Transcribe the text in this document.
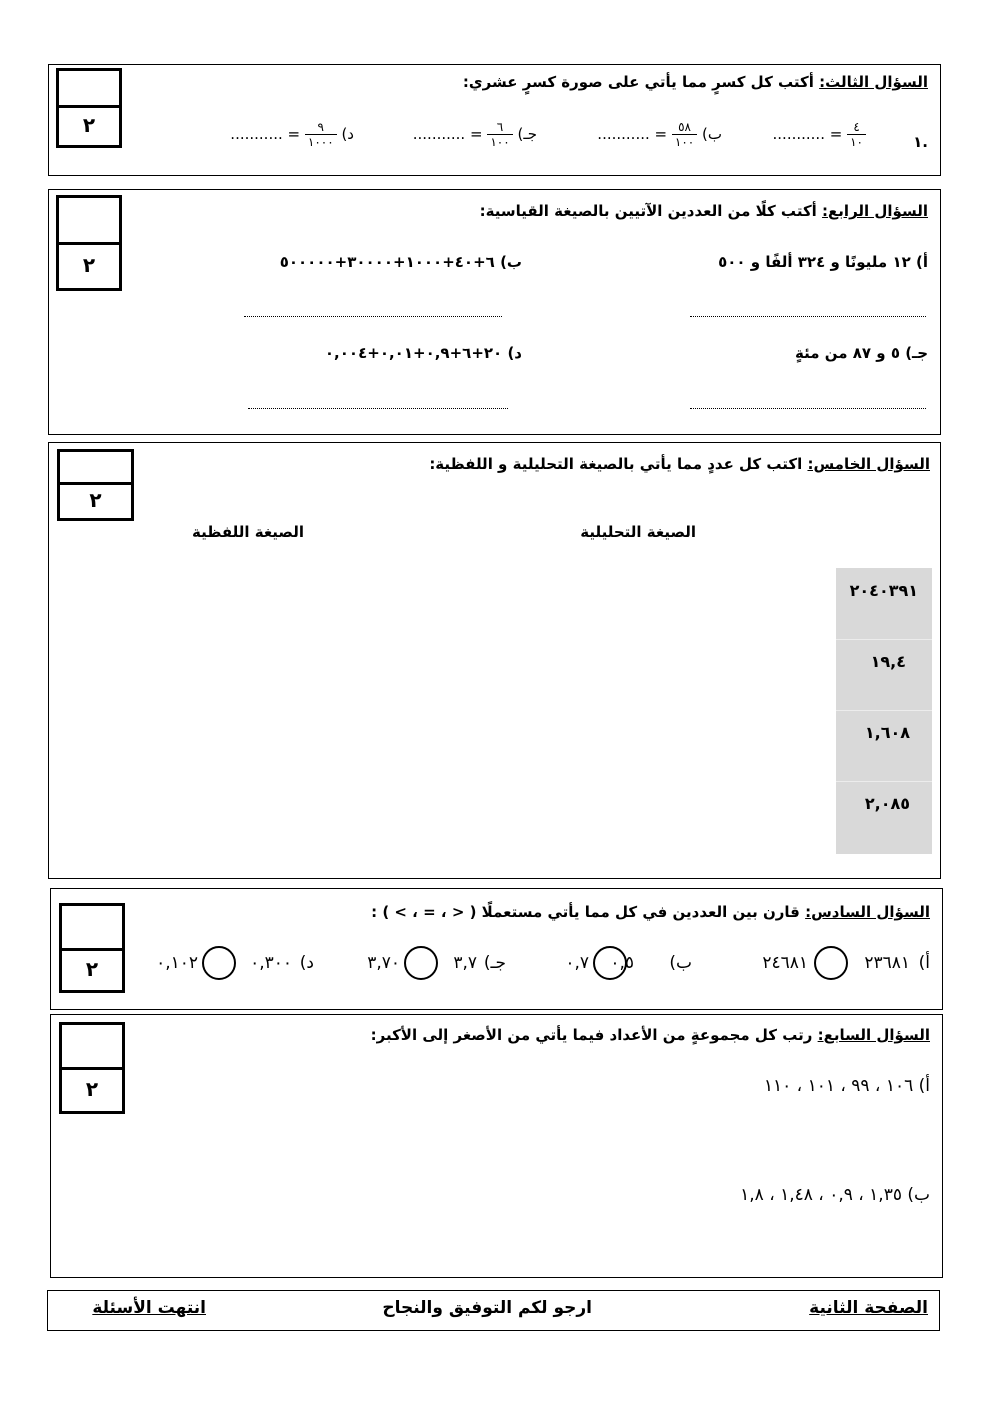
٢
السؤال الثالث: أكتب كل كسرٍ مما يأتي على صورة كسرٍ عشري:
.١
$\frac{٤}{١٠}$
= ...........
ب)
$\frac{٥٨}{١٠٠}$
= ...........
جـ)
$\frac{٦}{١٠٠}$
= ...........
د)
$\frac{٩}{١٠٠٠}$
= ...........
٢
السؤال الرابع: أكتب كلًا من العددين الآتيين بالصيغة القياسية:
أ) ١٢ مليونًا و ٣٢٤ ألفًا و ٥٠٠
ب) ٦+٤٠+١٠٠٠+٣٠٠٠٠+٥٠٠٠٠٠
جـ) ٥ و ٨٧ من مئةٍ
د) ٢٠+٦+٠,٩+٠,٠١+٠,٠٠٤
٢
السؤال الخامس: اكتب كل عددٍ مما يأتي بالصيغة التحليلية و اللفظية:
الصيغة التحليلية
الصيغة اللفظية
٢٠٤٠٣٩١
١٩,٤
١,٦٠٨
٢,٠٨٥
٢
السؤال السادس: قارن بين العددين في كل مما يأتي مستعملًا ( < ، = ، > ) :
أ)
٢٣٦٨١
٢٤٦٨١
ب)
٠,٥
٠,٧
جـ)
٣,٧
٣,٧٠
د)
٠,٣٠٠
٠,١٠٢
٢
السؤال السابع: رتب كل مجموعةٍ من الأعداد فيما يأتي من الأصغر إلى الأكبر:
أ) ١٠٦ ، ٩٩ ، ١٠١ ، ١١٠
ب) ١,٣٥ ، ٠,٩ ، ١,٤٨ ، ١,٨
الصفحة الثانية
ارجو لكم التوفيق والنجاح
انتهت الأسئلة
